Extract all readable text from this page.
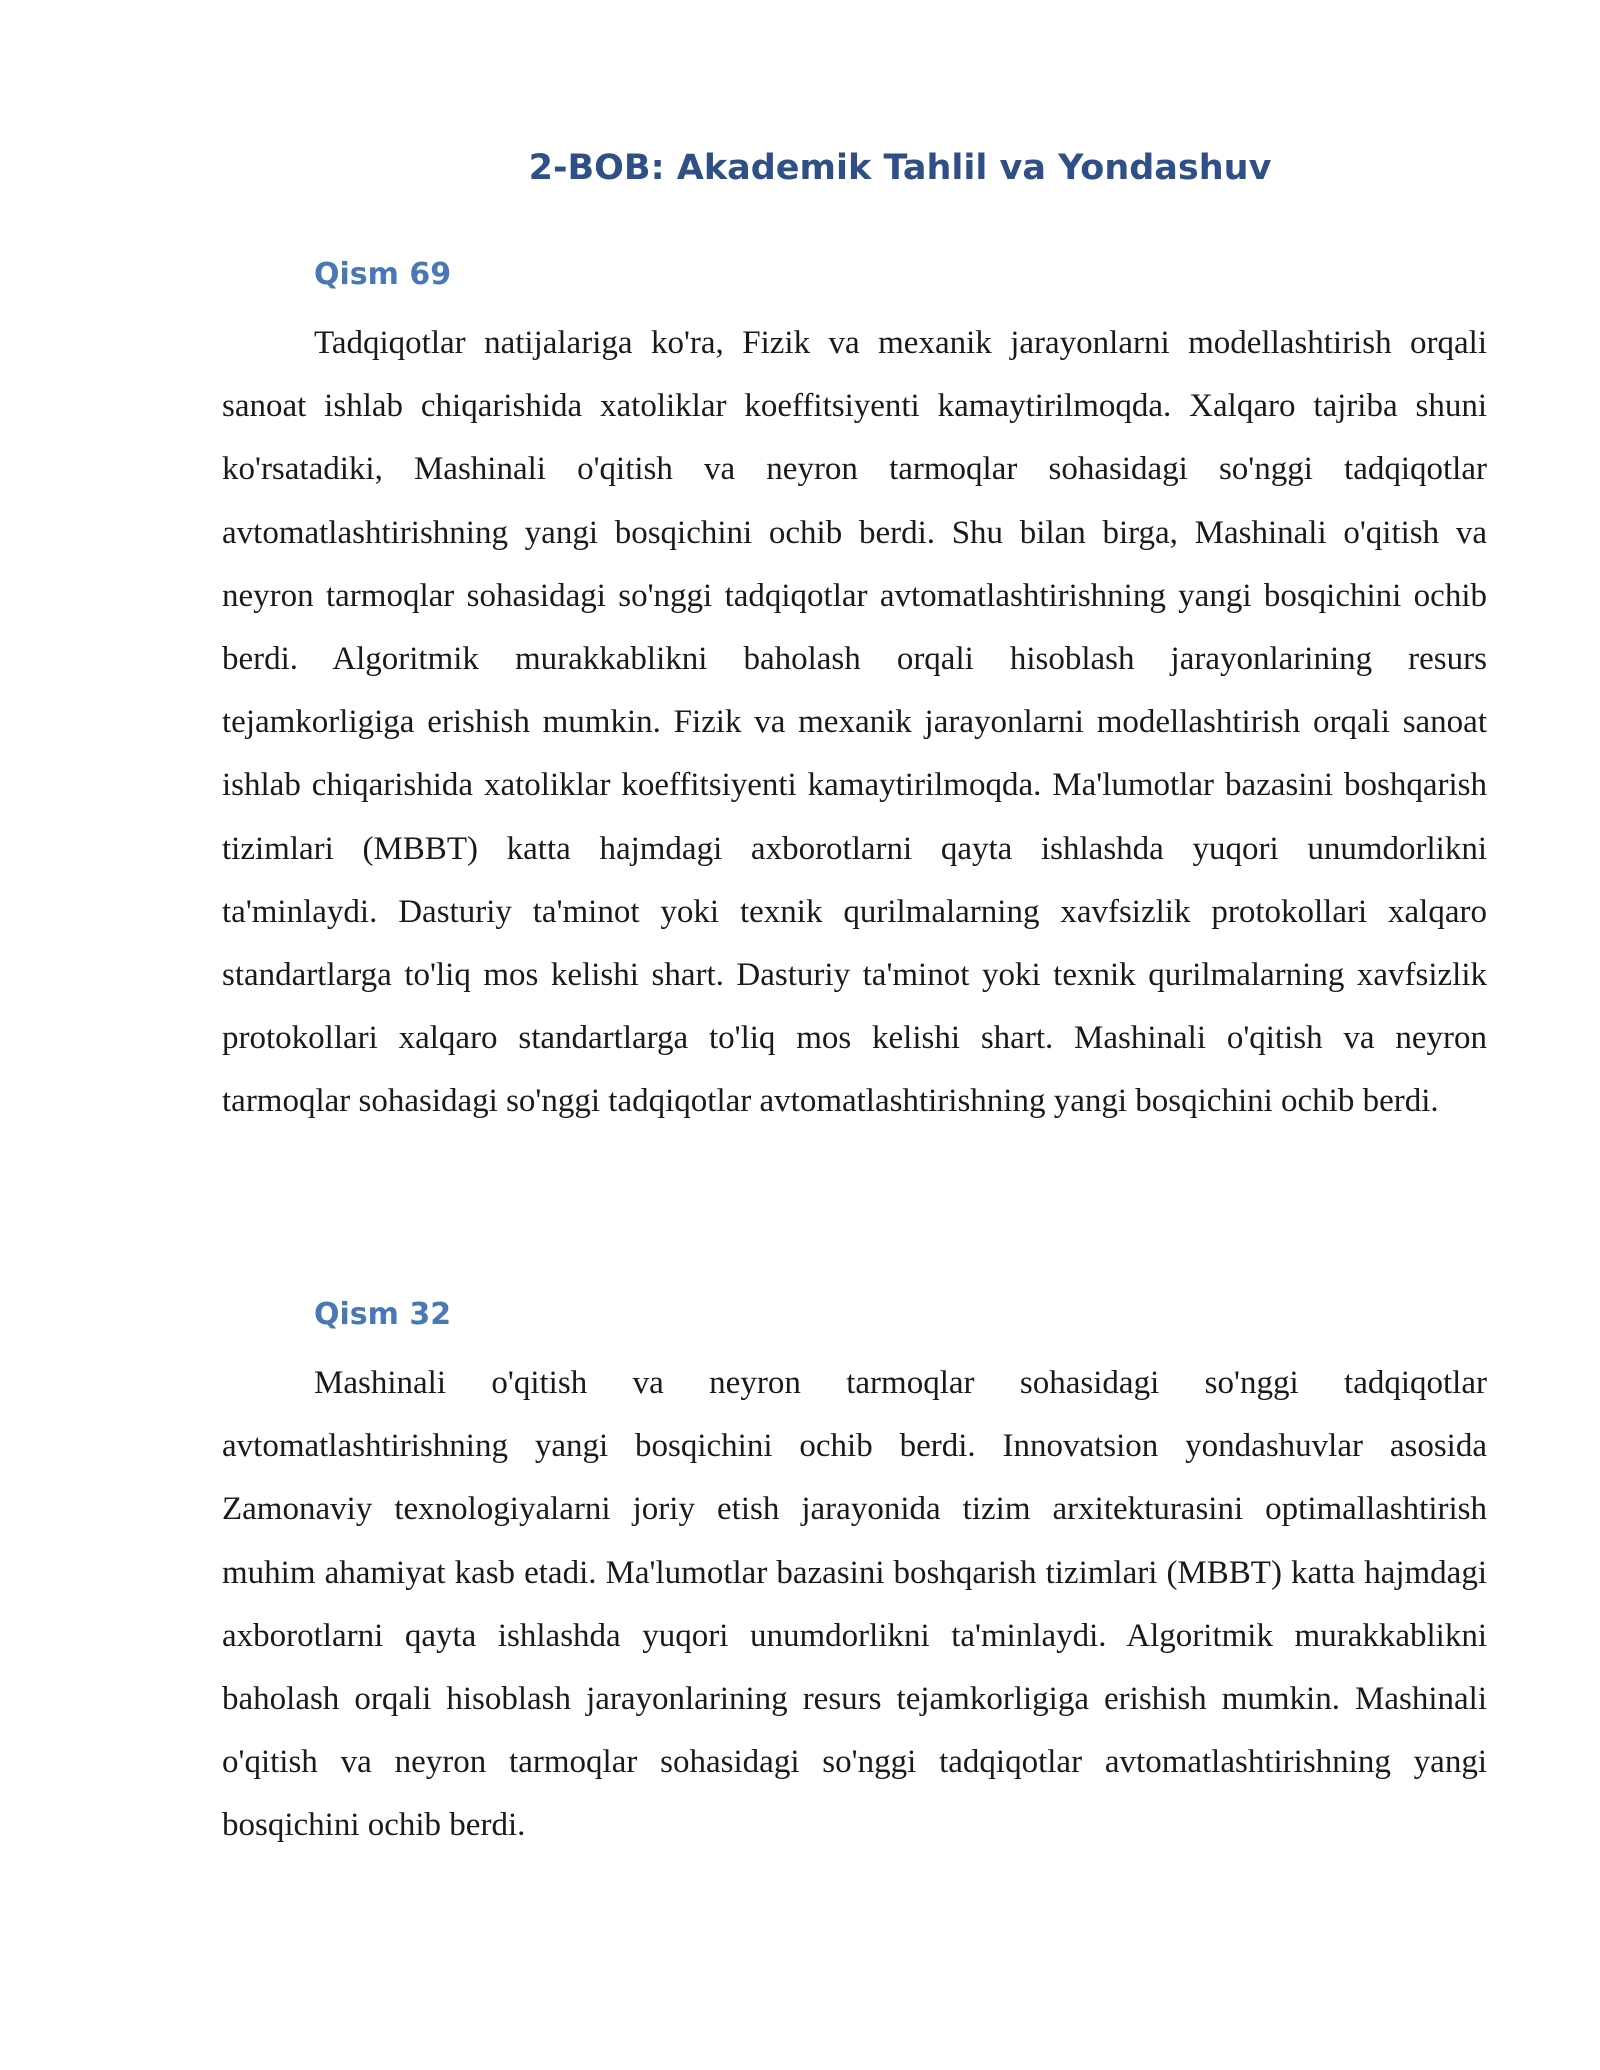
2-BOB: Akademik Tahlil va Yondashuv
Qism 69

Tadqiqotlar natijalariga ko'ra, Fizik va mexanik jarayonlarni modellashtirish orqali sanoat ishlab chiqarishida xatoliklar koeffitsiyenti kamaytirilmoqda. Xalqaro tajriba shuni ko'rsatadiki, Mashinali o'qitish va neyron tarmoqlar sohasidagi so'nggi tadqiqotlar avtomatlashtirishning yangi bosqichini ochib berdi. Shu bilan birga, Mashinali o'qitish va neyron tarmoqlar sohasidagi so'nggi tadqiqotlar avtomatlashtirishning yangi bosqichini ochib berdi. Algoritmik murakkablikni baholash orqali hisoblash jarayonlarining resurs tejamkorligiga erishish mumkin. Fizik va mexanik jarayonlarni modellashtirish orqali sanoat ishlab chiqarishida xatoliklar koeffitsiyenti kamaytirilmoqda. Ma'lumotlar bazasini boshqarish tizimlari (MBBT) katta hajmdagi axborotlarni qayta ishlashda yuqori unumdorlikni ta'minlaydi. Dasturiy ta'minot yoki texnik qurilmalarning xavfsizlik protokollari xalqaro standartlarga to'liq mos kelishi shart. Dasturiy ta'minot yoki texnik qurilmalarning xavfsizlik protokollari xalqaro standartlarga to'liq mos kelishi shart. Mashinali o'qitish va neyron tarmoqlar sohasidagi so'nggi tadqiqotlar avtomatlashtirishning yangi bosqichini ochib berdi.

Qism 32

Mashinali o'qitish va neyron tarmoqlar sohasidagi so'nggi tadqiqotlar avtomatlashtirishning yangi bosqichini ochib berdi. Innovatsion yondashuvlar asosida Zamonaviy texnologiyalarni joriy etish jarayonida tizim arxitekturasini optimallashtirish muhim ahamiyat kasb etadi. Ma'lumotlar bazasini boshqarish tizimlari (MBBT) katta hajmdagi axborotlarni qayta ishlashda yuqori unumdorlikni ta'minlaydi. Algoritmik murakkablikni baholash orqali hisoblash jarayonlarining resurs tejamkorligiga erishish mumkin. Mashinali o'qitish va neyron tarmoqlar sohasidagi so'nggi tadqiqotlar avtomatlashtirishning yangi bosqichini ochib berdi.
